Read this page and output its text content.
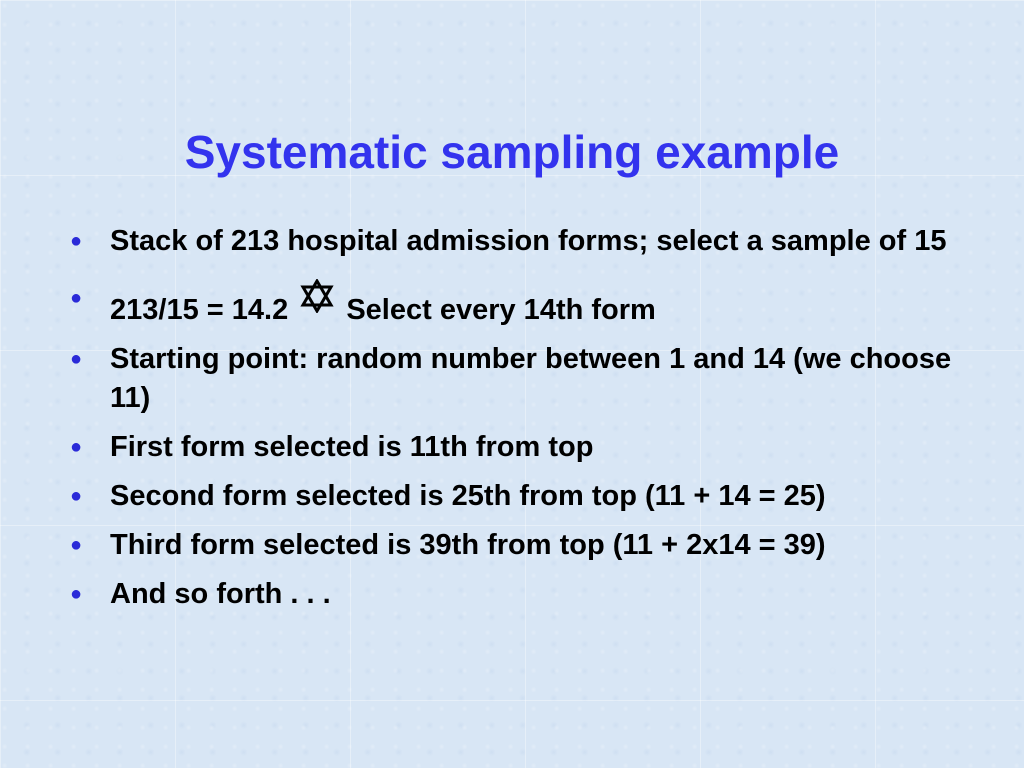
Systematic sampling example
● Stack of 213 hospital admission forms; select a sample of 15
● 213/15 = 14.2 Select every 14th form
● Starting point: random number between 1 and 14 (we choose 11)
● First form selected is 11th from top
● Second form selected is 25th from top (11 + 14 = 25)
● Third form selected is 39th from top (11 + 2x14 = 39)
● And so forth . . .
